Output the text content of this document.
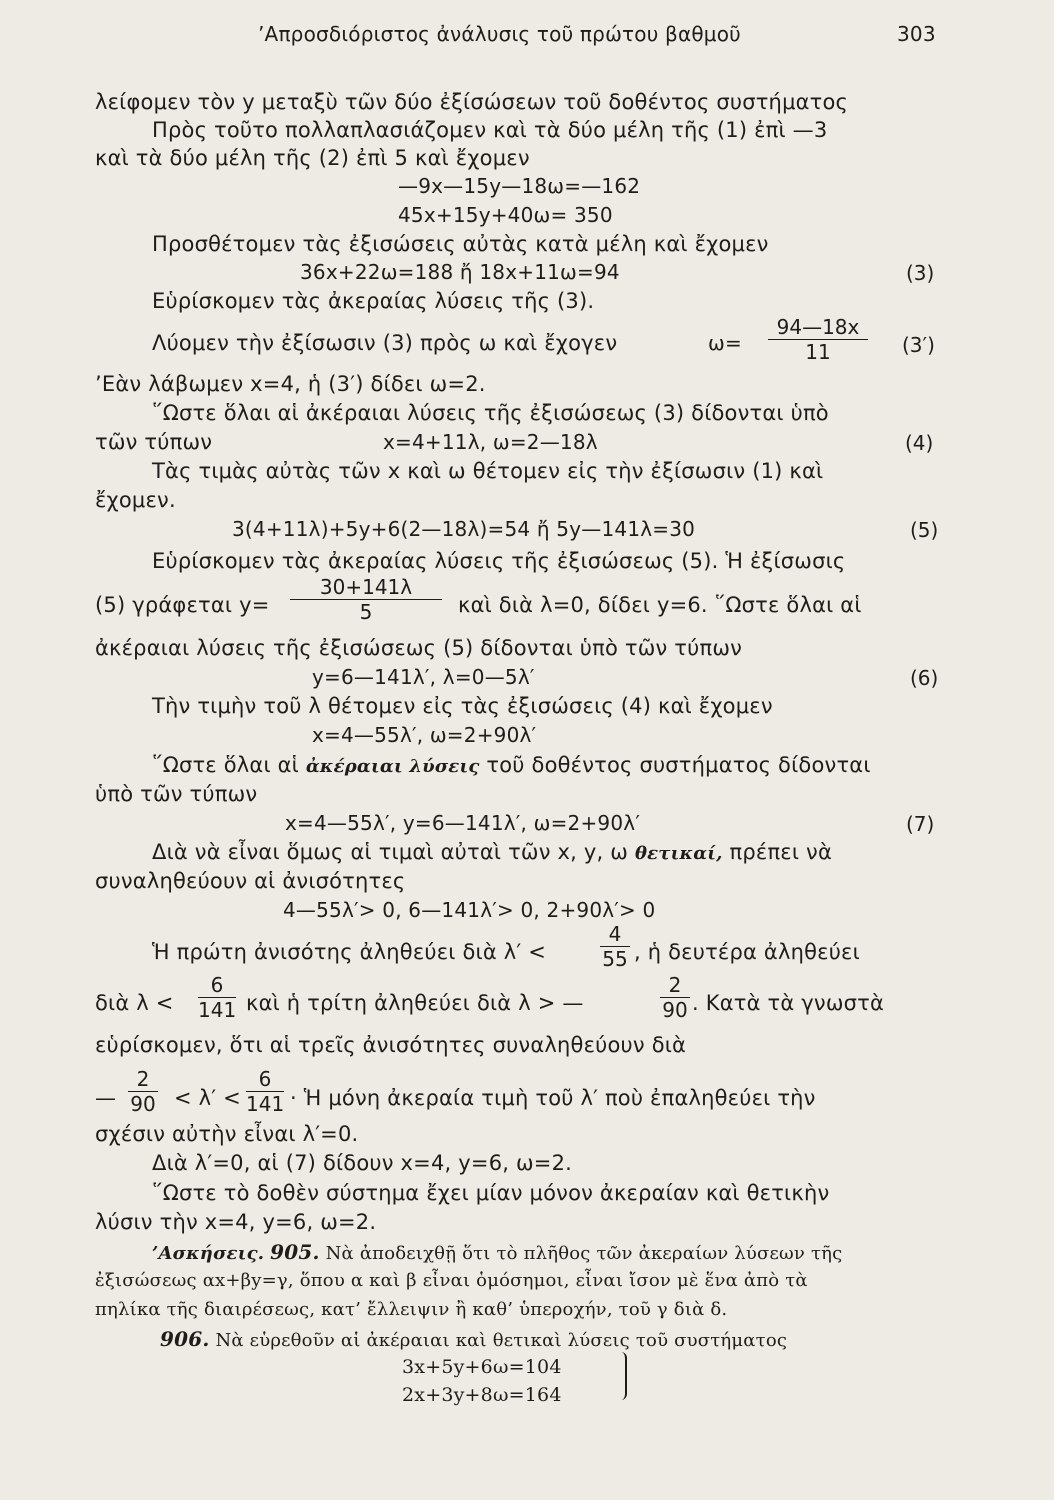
’Απροσδιόριστος ἀνάλυσις τοῦ πρώτου βαθμοῦ	303
λείφομεν τὸν y μεταξὺ τῶν δύο ἐξίσώσεων τοῦ δοθέντος συστήματος
Πρὸς τοῦτο πολλαπλασιάζομεν καὶ τὰ δύο μέλη τῆς (1) ἐπὶ —3
καὶ τὰ δύο μέλη τῆς (2) ἐπὶ 5 καὶ ἔχομεν
—9x—15y—18ω=—162
45x+15y+40ω= 350
Προσθέτομεν τὰς ἐξισώσεις αὐτὰς κατὰ μέλη καὶ ἔχομεν
36x+22ω=188 ἤ 18x+11ω=94	(3)
Εὑρίσκομεν τὰς ἀκεραίας λύσεις τῆς (3).
Λύομεν τὴν ἐξίσωσιν (3) πρὸς ω καὶ ἔχογεν	$\omega= \frac{94—18x}{11} (3')$
’Εὰν λάβωμεν x=4, ἡ (3′) δίδει ω=2.
῞Ωστε ὅλαι αἱ ἀκέραιαι λύσεις τῆς ἐξισώσεως (3) δίδονται ὑπὸ
τῶν τύπων	x=4+11λ, ω=2—18λ	(4)
Τὰς τιμὰς αὐτὰς τῶν x καὶ ω θέτομεν εἰς τὴν ἐξίσωσιν (1) καὶ
ἔχομεν.
3(4+11λ)+5y+6(2—18λ)=54 ἤ 5y—141λ=30	(5)
Εὑρίσκομεν τὰς ἀκεραίας λύσεις τῆς ἐξισώσεως (5). Ἡ ἐξίσωσις
(5) γράφεται $y= \frac{30+141\lambda}{5}$ καὶ διὰ λ=0, δίδει y=6. ῞Ωστε ὅλαι αἱ
ἀκέραιαι λύσεις τῆς ἐξισώσεως (5) δίδονται ὑπὸ τῶν τύπων
y=6—141λ′, λ=0—5λ′	(6)
Τὴν τιμὴν τοῦ λ θέτομεν εἰς τὰς ἐξισώσεις (4) καὶ ἔχομεν
x=4—55λ′, ω=2+90λ′
῞Ωστε ὅλαι αἱ ἀκέραιαι λύσεις τοῦ δοθέντος συστήματος δίδονται
ὑπὸ τῶν τύπων
x=4—55λ′, y=6—141λ′, ω=2+90λ′	(7)
Διὰ νὰ εἶναι ὅμως αἱ τιμαὶ αὐταὶ τῶν x, y, ω θετικαί, πρέπει νὰ
συναληθεύουν αἱ ἀνισότητες
4—55λ′> 0, 6—141λ′> 0, 2+90λ′> 0
Ἡ πρώτη ἀνισότης ἀληθεύει διὰ λ′ <	$\frac{4}{55}$ , ἡ δευτέρα ἀληθεύει
διὰ $\lambda < \frac{6}{141}$ καὶ ἡ τρίτη ἀληθεύει διὰ λ > —	$\frac{2}{90}$ . Κατὰ τὰ γνωστὰ
εὑρίσκομεν, ὅτι αἱ τρεῖς ἀνισότητες συναληθεύουν διὰ
— $\frac{2}{90} < \lambda' < \frac{6}{141}$ · Ἡ μόνη ἀκεραία τιμὴ τοῦ λ′ ποὺ ἐπαληθεύει τὴν
σχέσιν αὐτὴν εἶναι λ′=0.
Διὰ λ′=0, αἱ (7) δίδουν x=4, y=6, ω=2.
῞Ωστε τὸ δοθὲν σύστημα ἔχει μίαν μόνον ἀκεραίαν καὶ θετικὴν
λύσιν τὴν x=4, y=6, ω=2.
’Ασκήσεις. 905. Νὰ ἀποδειχθῇ ὅτι τὸ πλῆθος τῶν ἀκεραίων λύσεων τῆς
ἐξισώσεως αx+βy=γ, ὅπου α καὶ β εἶναι ὁμόσημοι, εἶναι ἴσον μὲ ἕνα ἀπὸ τὰ
πηλίκα τῆς διαιρέσεως, κατ’ ἔλλειψιν ἢ καθ’ ὑπεροχήν, τοῦ γ διὰ δ.
906. Νὰ εὑρεθοῦν αἱ ἀκέραιαι καὶ θετικαὶ λύσεις τοῦ συστήματος
3x+5y+6ω=104
2x+3y+8ω=164
